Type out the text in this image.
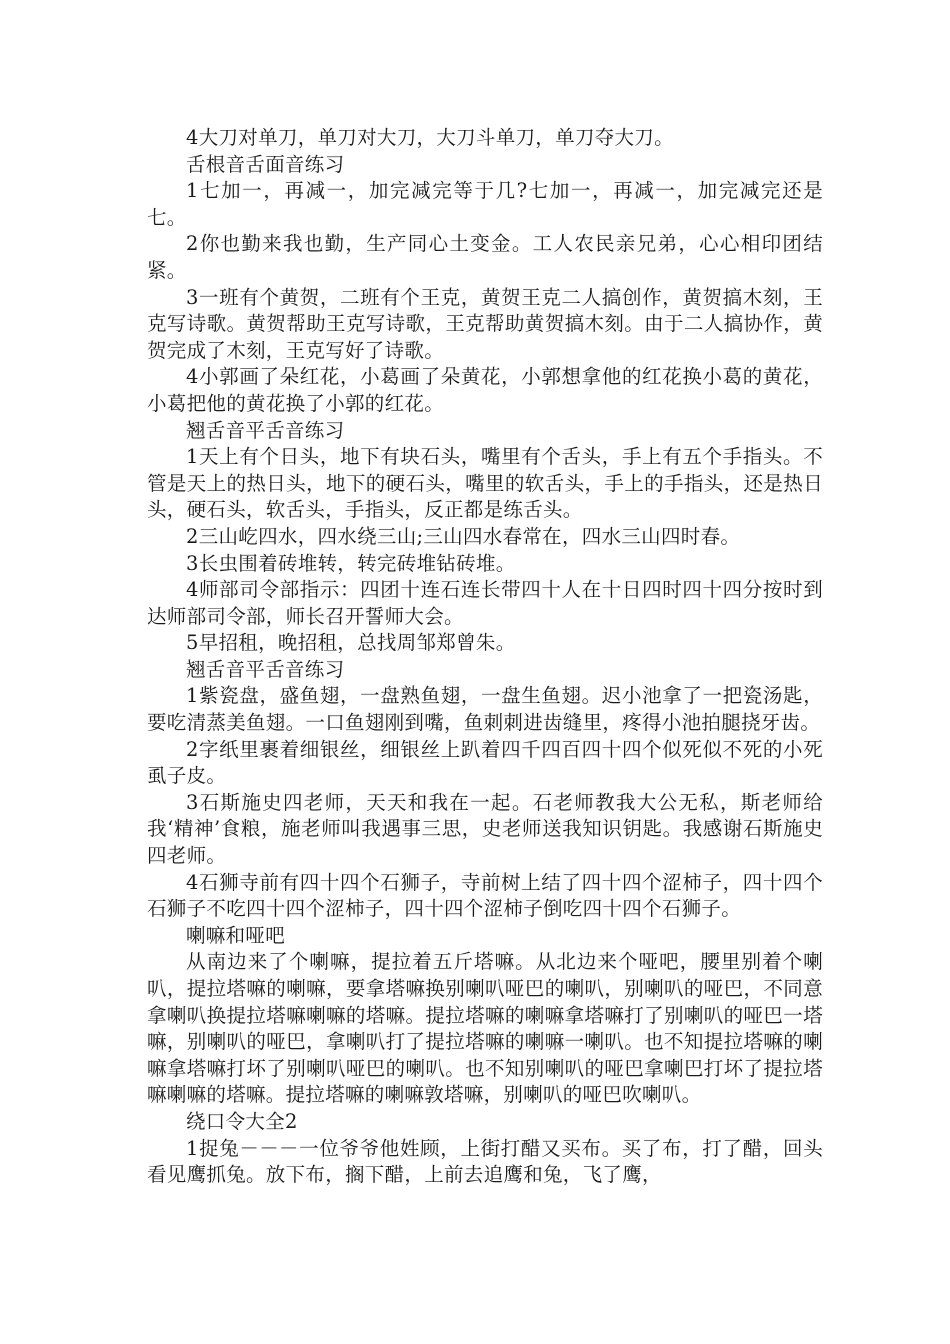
4大刀对单刀，单刀对大刀，大刀斗单刀，单刀夺大刀。

舌根音舌面音练习

1七加一，再减一，加完减完等于几?七加一，再减一，加完减完还是七。

2你也勤来我也勤，生产同心土变金。工人农民亲兄弟，心心相印团结紧。

3一班有个黄贺，二班有个王克，黄贺王克二人搞创作，黄贺搞木刻，王克写诗歌。黄贺帮助王克写诗歌，王克帮助黄贺搞木刻。由于二人搞协作，黄贺完成了木刻，王克写好了诗歌。

4小郭画了朵红花，小葛画了朵黄花，小郭想拿他的红花换小葛的黄花，小葛把他的黄花换了小郭的红花。

翘舌音平舌音练习

1天上有个日头，地下有块石头，嘴里有个舌头，手上有五个手指头。不管是天上的热日头，地下的硬石头，嘴里的软舌头，手上的手指头，还是热日头，硬石头，软舌头，手指头，反正都是练舌头。

2三山屹四水，四水绕三山;三山四水春常在，四水三山四时春。

3长虫围着砖堆转，转完砖堆钻砖堆。

4师部司令部指示：四团十连石连长带四十人在十日四时四十四分按时到达师部司令部，师长召开誓师大会。

5早招租，晚招租，总找周邹郑曾朱。

翘舌音平舌音练习

1紫瓷盘，盛鱼翅，一盘熟鱼翅，一盘生鱼翅。迟小池拿了一把瓷汤匙，要吃清蒸美鱼翅。一口鱼翅刚到嘴，鱼刺刺进齿缝里，疼得小池拍腿挠牙齿。

2字纸里裹着细银丝，细银丝上趴着四千四百四十四个似死似不死的小死虱子皮。

3石斯施史四老师，天天和我在一起。石老师教我大公无私，斯老师给我‘精神’食粮，施老师叫我遇事三思，史老师送我知识钥匙。我感谢石斯施史四老师。

4石狮寺前有四十四个石狮子，寺前树上结了四十四个涩柿子，四十四个石狮子不吃四十四个涩柿子，四十四个涩柿子倒吃四十四个石狮子。

喇嘛和哑吧

从南边来了个喇嘛，提拉着五斤塔嘛。从北边来个哑吧，腰里别着个喇叭，提拉塔嘛的喇嘛，要拿塔嘛换别喇叭哑巴的喇叭，别喇叭的哑巴，不同意拿喇叭换提拉塔嘛喇嘛的塔嘛。提拉塔嘛的喇嘛拿塔嘛打了别喇叭的哑巴一塔嘛，别喇叭的哑巴，拿喇叭打了提拉塔嘛的喇嘛一喇叭。也不知提拉塔嘛的喇嘛拿塔嘛打坏了别喇叭哑巴的喇叭。也不知别喇叭的哑巴拿喇巴打坏了提拉塔嘛喇嘛的塔嘛。提拉塔嘛的喇嘛敦塔嘛，别喇叭的哑巴吹喇叭。

绕口令大全2

1捉兔－－－一位爷爷他姓顾，上街打醋又买布。买了布，打了醋，回头看见鹰抓兔。放下布，搁下醋，上前去追鹰和兔，飞了鹰，
